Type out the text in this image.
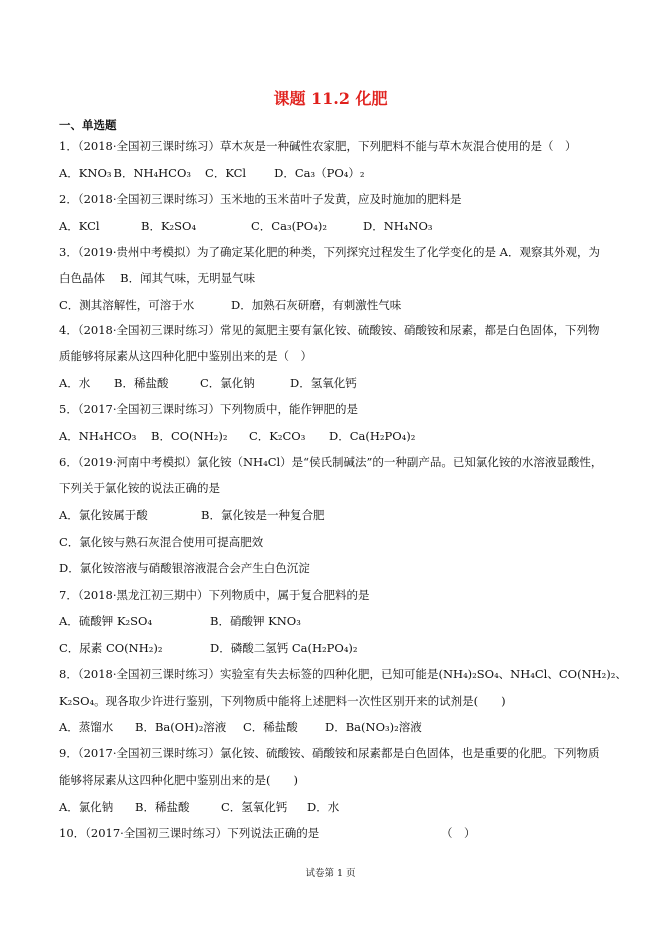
课题 11.2 化肥
一、单选题
1．（2018·全国初三课时练习）草木灰是一种碱性农家肥，下列肥料不能与草木灰混合使用的是（　）
A．KNO₃ B．NH₄HCO₃ C．KCl D．Ca₃（PO₄）₂
2．（2018·全国初三课时练习）玉米地的玉米苗叶子发黄，应及时施加的肥料是
A．KCl	B．K₂SO₄	C．Ca₃(PO₄)₂	D．NH₄NO₃
3．（2019·贵州中考模拟）为了确定某化肥的种类，下列探究过程发生了化学变化的是 A．观察其外观，为
白色晶体　 B．闻其气味，无明显气味
C．测其溶解性，可溶于水	D．加熟石灰研磨，有刺激性气味
4．（2018·全国初三课时练习）常见的氮肥主要有氯化铵、硫酸铵、硝酸铵和尿素，都是白色固体，下列物
质能够将尿素从这四种化肥中鉴别出来的是（　）
A．水 B．稀盐酸	C．氯化钠	D．氢氧化钙
5．（2017·全国初三课时练习）下列物质中，能作钾肥的是
A．NH₄HCO₃ B．CO(NH₂)₂ C．K₂CO₃ D．Ca(H₂PO₄)₂
6．（2019·河南中考模拟）氯化铵（NH₄Cl）是“侯氏制碱法”的一种副产品。已知氯化铵的水溶液显酸性，
下列关于氯化铵的说法正确的是
A．氯化铵属于酸	B．氯化铵是一种复合肥
C．氯化铵与熟石灰混合使用可提高肥效
D．氯化铵溶液与硝酸银溶液混合会产生白色沉淀
7．（2018·黑龙江初三期中）下列物质中，属于复合肥料的是
A．硫酸钾 K₂SO₄	B．硝酸钾 KNO₃
C．尿素 CO(NH₂)₂	D．磷酸二氢钙 Ca(H₂PO₄)₂
8．（2018·全国初三课时练习）实验室有失去标签的四种化肥，已知可能是(NH₄)₂SO₄、NH₄Cl、CO(NH₂)₂、
K₂SO₄。现各取少许进行鉴别，下列物质中能将上述肥料一次性区别开来的试剂是(　　)
A．蒸馏水 B．Ba(OH)₂溶液 C．稀盐酸 D．Ba(NO₃)₂溶液
9．（2017·全国初三课时练习）氯化铵、硫酸铵、硝酸铵和尿素都是白色固体，也是重要的化肥。下列物质
能够将尿素从这四种化肥中鉴别出来的是(　　)
A．氯化钠 B．稀盐酸	C．氢氧化钙 D．水
10．（2017·全国初三课时练习）下列说法正确的是	（　）
试卷第 1 页
